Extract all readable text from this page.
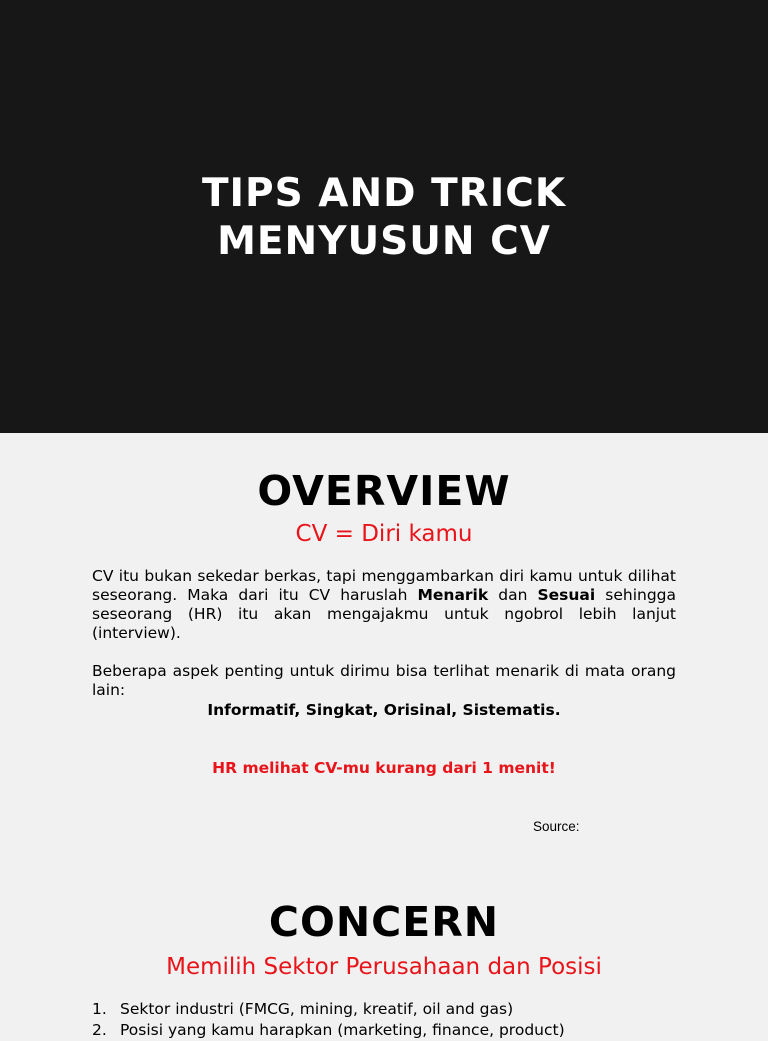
TIPS AND TRICK
MENYUSUN CV
OVERVIEW

CV = Diri kamu

CV itu bukan sekedar berkas, tapi menggambarkan diri kamu untuk dilihat seseorang. Maka dari itu CV haruslah Menarik dan Sesuai sehingga seseorang (HR) itu akan mengajakmu untuk ngobrol lebih lanjut (interview).

Beberapa aspek penting untuk dirimu bisa terlihat menarik di mata orang lain:

Informatif, Singkat, Orisinal, Sistematis.

HR melihat CV-mu kurang dari 1 menit!

Source:
CONCERN

Memilih Sektor Perusahaan dan Posisi

1. Sektor industri (FMCG, mining, kreatif, oil and gas)
2. Posisi yang kamu harapkan (marketing, finance, product)
